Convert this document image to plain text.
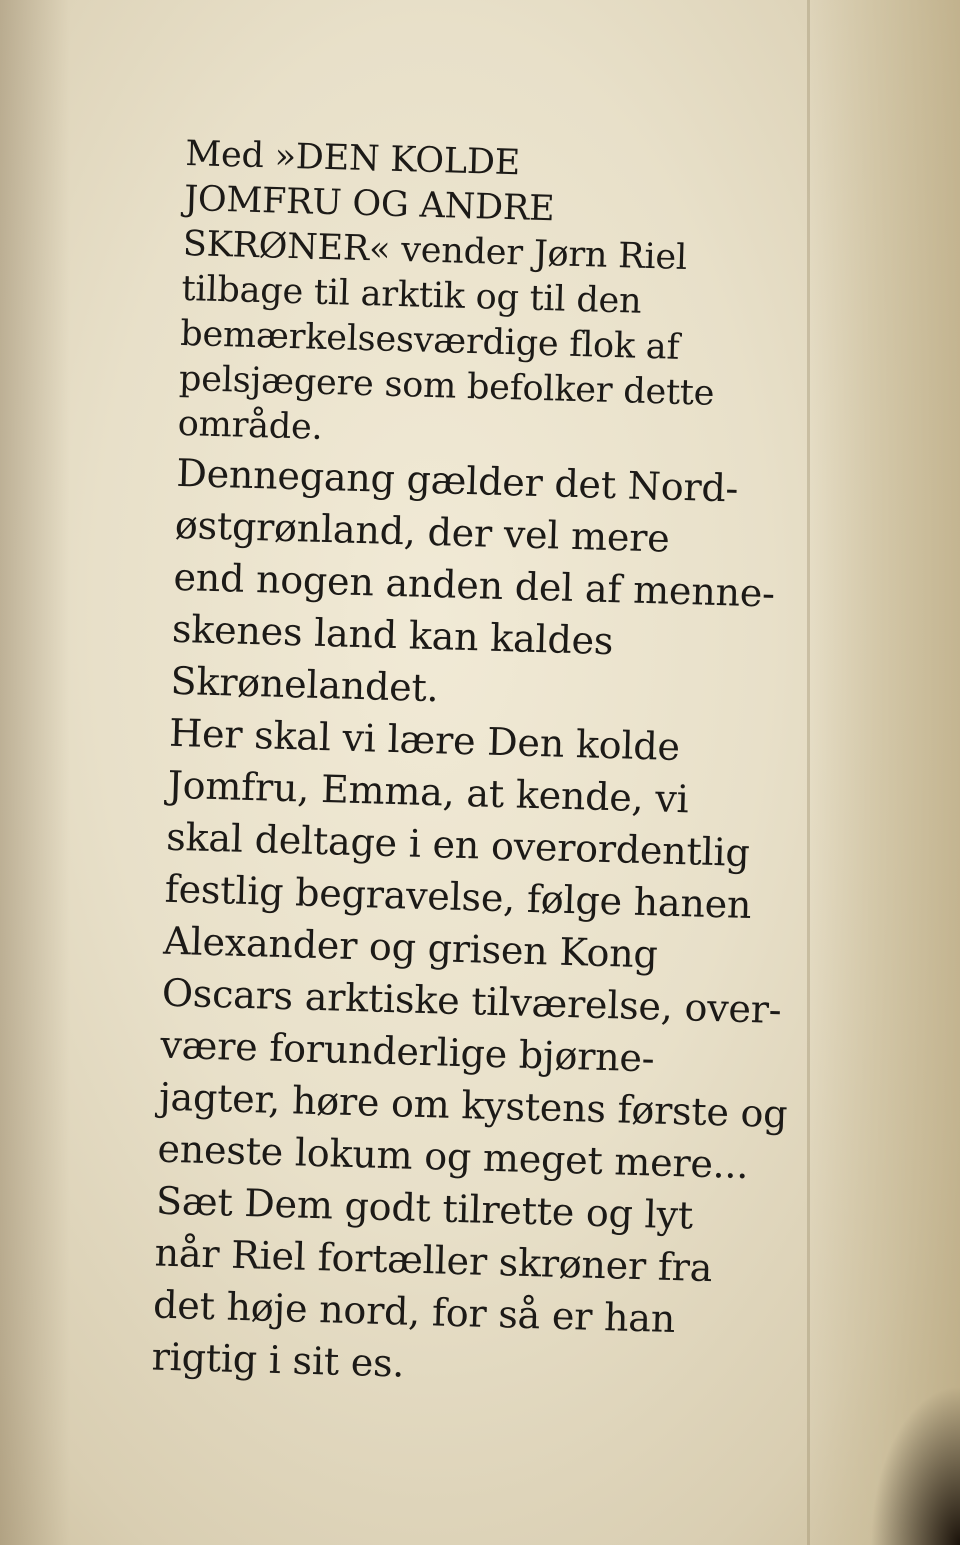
Med »DEN KOLDE
JOMFRU OG ANDRE
SKRØNER« vender Jørn Riel
tilbage til arktik og til den
bemærkelsesværdige flok af
pelsjægere som befolker dette
område.

Dennegang gælder det Nord-
østgrønland, der vel mere
end nogen anden del af menne-
skenes land kan kaldes
Skrønelandet.

Her skal vi lære Den kolde
Jomfru, Emma, at kende, vi
skal deltage i en overordentlig
festlig begravelse, følge hanen
Alexander og grisen Kong
Oscars arktiske tilværelse, over-
være forunderlige bjørne-
jagter, høre om kystens første og
eneste lokum og meget mere...

Sæt Dem godt tilrette og lyt
når Riel fortæller skrøner fra
det høje nord, for så er han
rigtig i sit es.
